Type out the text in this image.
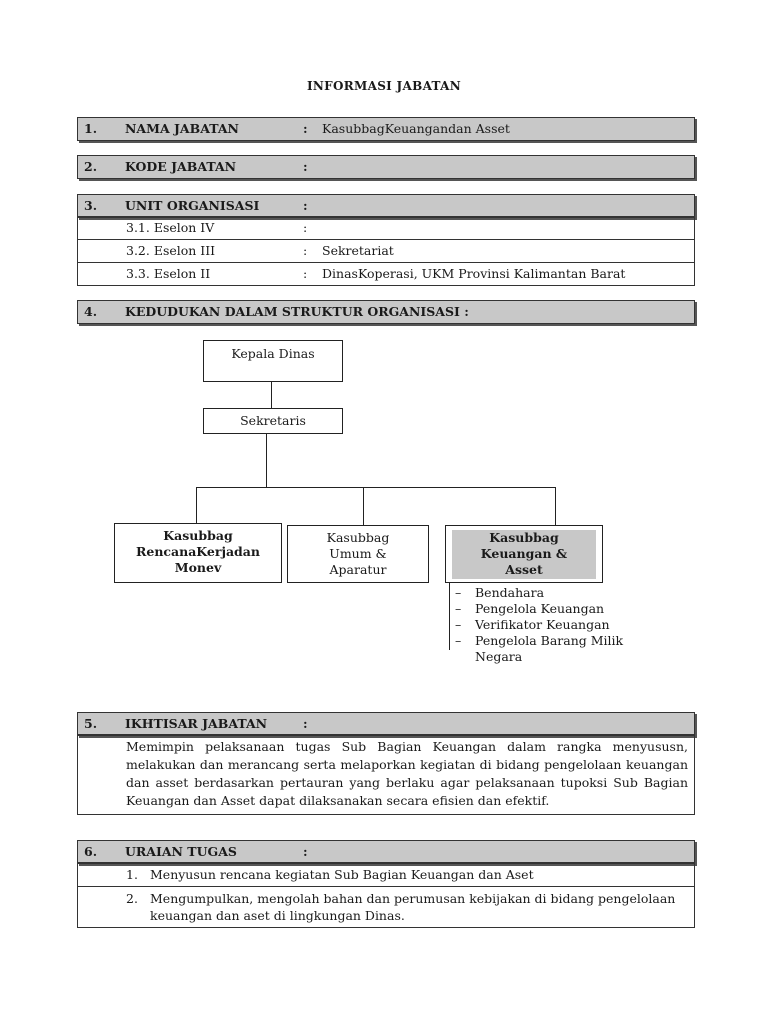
INFORMASI JABATAN
1. NAMA JABATAN	: KasubbagKeuangandan Asset
2. KODE JABATAN	:
3. UNIT ORGANISASI	:
3.1. Eselon IV	:
3.2. Eselon III	: Sekretariat
3.3. Eselon II	: DinasKoperasi, UKM Provinsi Kalimantan Barat
4. KEDUDUKAN DALAM STRUKTUR ORGANISASI :
Kepala Dinas
Sekretaris
Kasubbag
RencanaKerjadan
Monev
Kasubbag
Umum &
Aparatur
Kasubbag
Keuangan &
Asset
– Bendahara
– Pengelola Keuangan
– Verifikator Keuangan
– Pengelola Barang Milik
Negara
5. IKHTISAR JABATAN	:

Memimpin pelaksanaan tugas Sub Bagian Keuangan dalam rangka menyusus​n, melakukan dan merancang serta melaporkan kegiatan di bidang pengelolaan keuangan dan asset berdasarkan pertauran yang berlaku agar pelaksanaan tupoksi Sub Bagian Keuangan dan Asset dapat dilaksanakan secara efisien dan efektif.

6. URAIAN TUGAS	:
1. Menyusun rencana kegiatan Sub Bagian Keuangan dan Aset
2. Mengumpulkan, mengolah bahan dan perumusan kebijakan di bidang pengelolaan keuangan dan aset di lingkungan Dinas.
